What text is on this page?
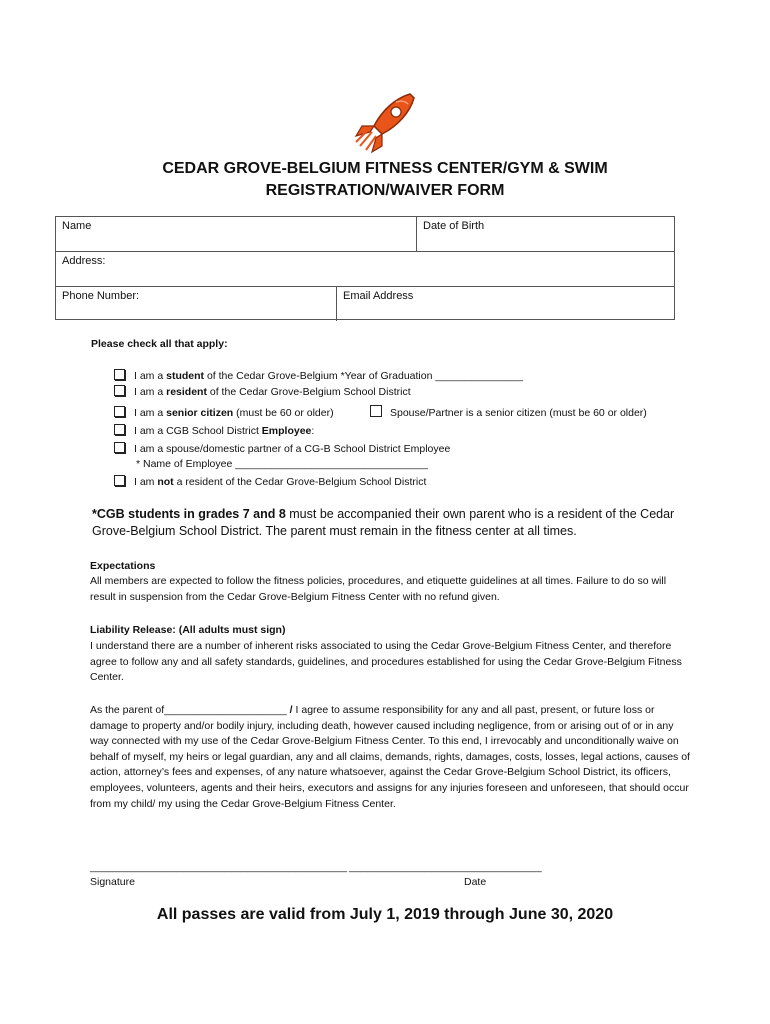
CEDAR GROVE-BELGIUM FITNESS CENTER/GYM & SWIM
REGISTRATION/WAIVER FORM
Name	Date of Birth
Address:
Phone Number:	Email Address
Please check all that apply:
I am a student of the Cedar Grove-Belgium *Year of Graduation _______________
I am a resident of the Cedar Grove-Belgium School District
I am a senior citizen (must be 60 or older)	Spouse/Partner is a senior citizen (must be 60 or older)
I am a CGB School District Employee:
I am a spouse/domestic partner of a CG-B School District Employee
* Name of Employee _________________________________
I am not a resident of the Cedar Grove-Belgium School District
*CGB students in grades 7 and 8 must be accompanied their own parent who is a resident of the Cedar
Grove-Belgium School District. The parent must remain in the fitness center at all times.
Expectations
All members are expected to follow the fitness policies, procedures, and etiquette guidelines at all times. Failure to do so will result in suspension from the Cedar Grove-Belgium Fitness Center with no refund given.
Liability Release: (All adults must sign)
I understand there are a number of inherent risks associated to using the Cedar Grove-Belgium Fitness Center, and therefore agree to follow any and all safety standards, guidelines, and procedures established for using the Cedar Grove-Belgium Fitness Center.
As the parent of_____________________ / I agree to assume responsibility for any and all past, present, or future loss or damage to property and/or bodily injury, including death, however caused including negligence, from or arising out of or in any way connected with my use of the Cedar Grove-Belgium Fitness Center. To this end, I irrevocably and unconditionally waive on behalf of myself, my heirs or legal guardian, any and all claims, demands, rights, damages, costs, losses, legal actions, causes of action, attorney’s fees and expenses, of any nature whatsoever, against the Cedar Grove-Belgium School District, its officers, employees, volunteers, agents and their heirs, executors and assigns for any injuries foreseen and unforeseen, that should occur from my child/ my using the Cedar Grove-Belgium Fitness Center.
____________________________________________ _________________________________
Signature	Date
All passes are valid from July 1, 2019 through June 30, 2020
